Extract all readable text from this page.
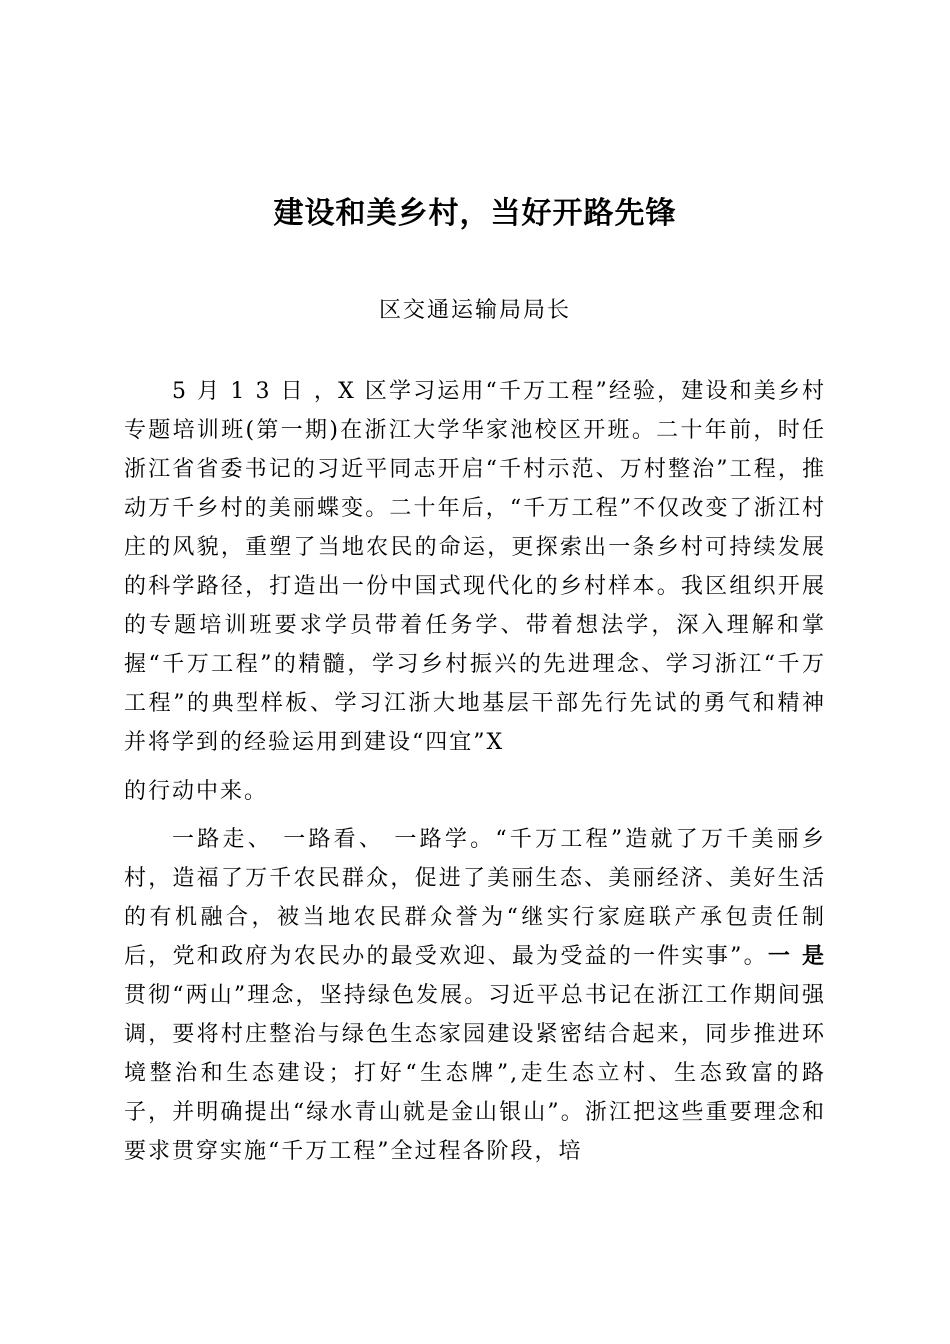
建设和美乡村，当好开路先锋
区交通运输局局长

5 月 1 3 日 ，X 区学习运用“千万工程”经验，建设和美乡村专题培训班(第一期)在浙江大学华家池校区开班。二十年前，时任浙江省省委书记的习近平同志开启“千村示范、万村整治”工程，推动万千乡村的美丽蝶变。二十年后，“千万工程”不仅改变了浙江村庄的风貌，重塑了当地农民的命运，更探索出一条乡村可持续发展的科学路径，打造出一份中国式现代化的乡村样本。我区组织开展的专题培训班要求学员带着任务学、带着想法学，深入理解和掌握“千万工程”的精髓，学习乡村振兴的先进理念、学习浙江“千万工程”的典型样板、学习江浙大地基层干部先行先试的勇气和精神并将学到的经验运用到建设“四宜”X
的行动中来。

一路走、 一路看、 一路学。“千万工程”造就了万千美丽乡村，造福了万千农民群众，促进了美丽生态、美丽经济、美好生活的有机融合，被当地农民群众誉为“继实行家庭联产承包责任制后，党和政府为农民办的最受欢迎、最为受益的一件实事”。一 是贯彻“两山”理念，坚持绿色发展。习近平总书记在浙江工作期间强调，要将村庄整治与绿色生态家园建设紧密结合起来，同步推进环境整治和生态建设；打好“生态牌”,走生态立村、生态致富的路子，并明确提出“绿水青山就是金山银山”。浙江把这些重要理念和要求贯穿实施“千万工程”全过程各阶段，培
